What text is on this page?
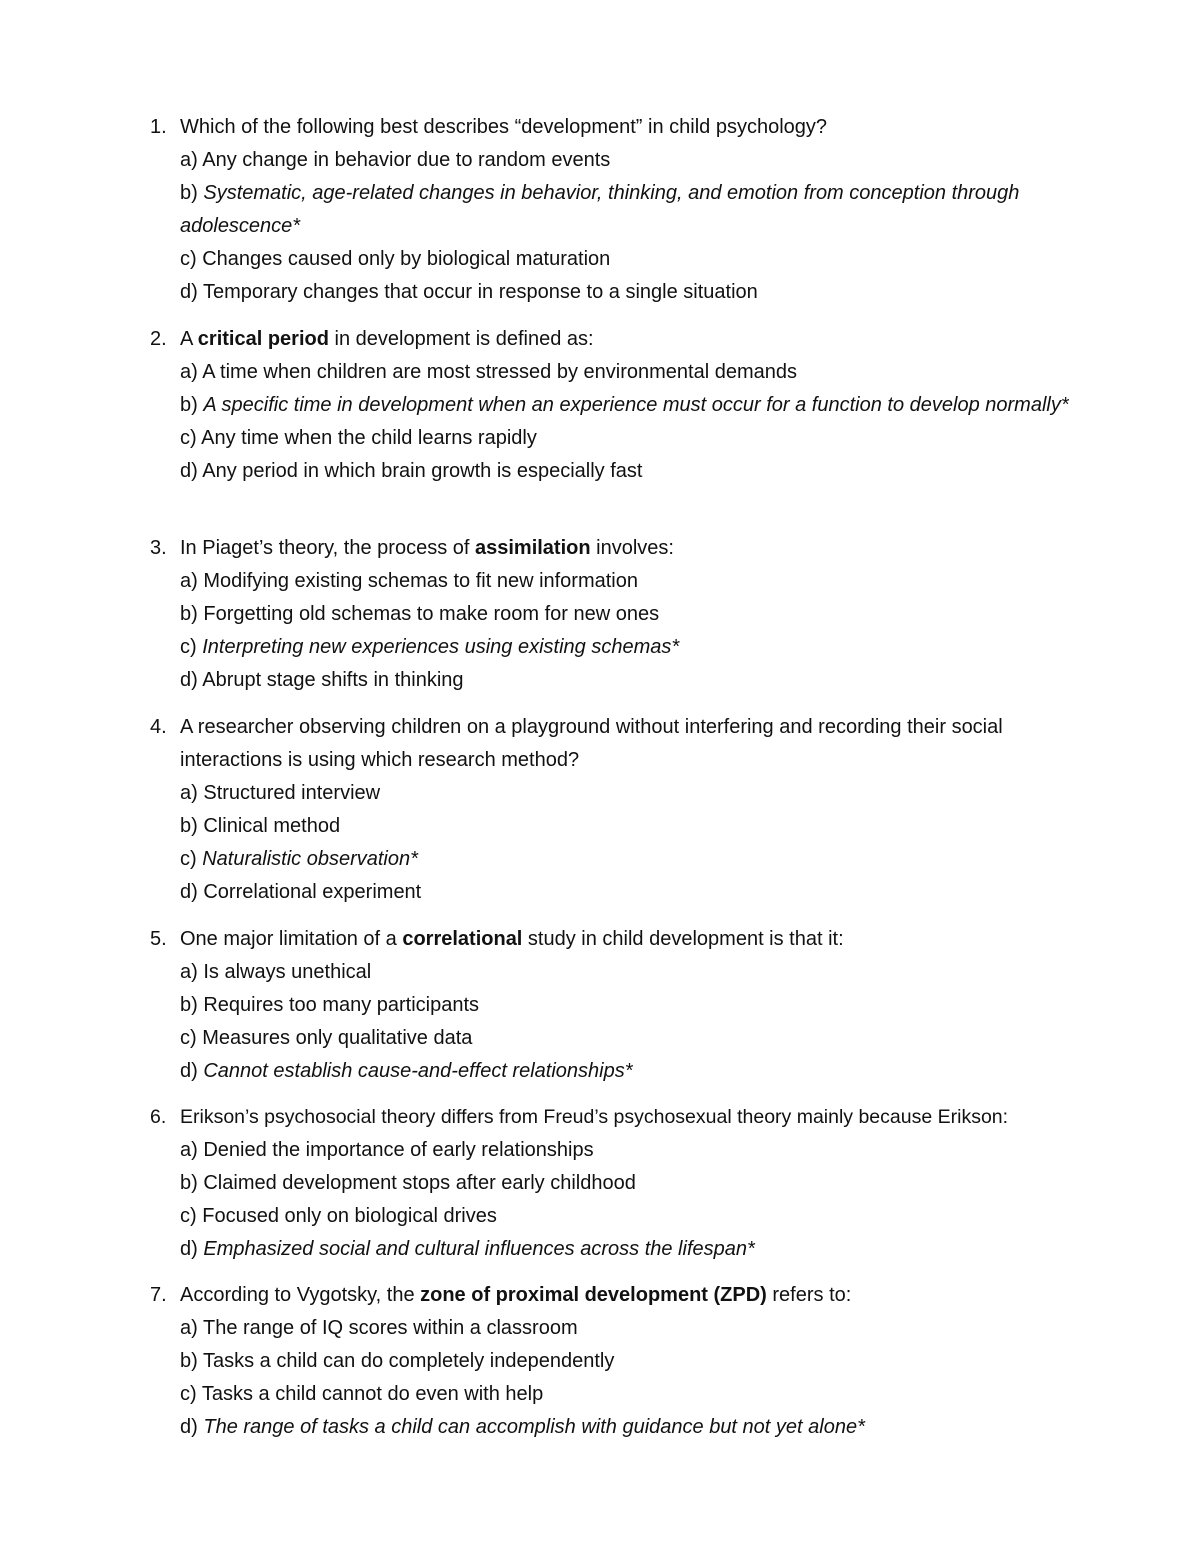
1. Which of the following best describes “development” in child psychology?
a) Any change in behavior due to random events
b) Systematic, age-related changes in behavior, thinking, and emotion from conception through adolescence*
c) Changes caused only by biological maturation
d) Temporary changes that occur in response to a single situation
2. A critical period in development is defined as:
a) A time when children are most stressed by environmental demands
b) A specific time in development when an experience must occur for a function to develop normally*
c) Any time when the child learns rapidly
d) Any period in which brain growth is especially fast
3. In Piaget’s theory, the process of assimilation involves:
a) Modifying existing schemas to fit new information
b) Forgetting old schemas to make room for new ones
c) Interpreting new experiences using existing schemas*
d) Abrupt stage shifts in thinking
4. A researcher observing children on a playground without interfering and recording their social interactions is using which research method?
a) Structured interview
b) Clinical method
c) Naturalistic observation*
d) Correlational experiment
5. One major limitation of a correlational study in child development is that it:
a) Is always unethical
b) Requires too many participants
c) Measures only qualitative data
d) Cannot establish cause-and-effect relationships*
6. Erikson’s psychosocial theory differs from Freud’s psychosexual theory mainly because Erikson:
a) Denied the importance of early relationships
b) Claimed development stops after early childhood
c) Focused only on biological drives
d) Emphasized social and cultural influences across the lifespan*
7. According to Vygotsky, the zone of proximal development (ZPD) refers to:
a) The range of IQ scores within a classroom
b) Tasks a child can do completely independently
c) Tasks a child cannot do even with help
d) The range of tasks a child can accomplish with guidance but not yet alone*
